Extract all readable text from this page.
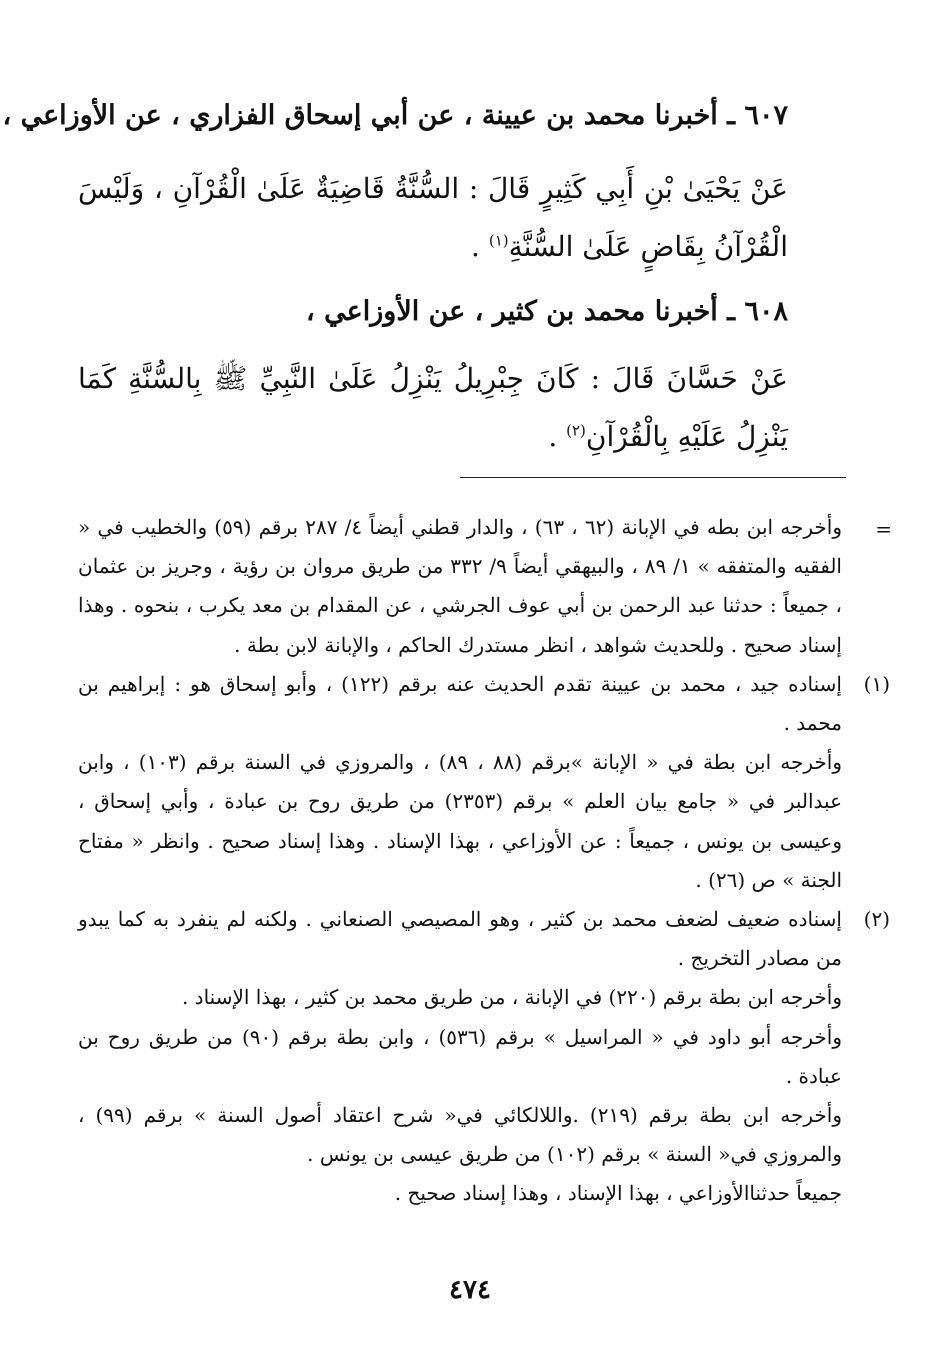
٦٠٧ ـ أخبرنا محمد بن عيينة ، عن أبي إسحاق الفزاري ، عن الأوزاعي ،
عَنْ يَحْيَىٰ بْنِ أَبِي كَثِيرٍ قَالَ : السُّنَّةُ قَاضِيَةٌ عَلَىٰ الْقُرْآنِ ، وَلَيْسَ الْقُرْآنُ بِقَاضٍ عَلَىٰ السُّنَّةِ$^{(١)}$ .
٦٠٨ ـ أخبرنا محمد بن كثير ، عن الأوزاعي ،
عَنْ حَسَّانَ قَالَ : كَانَ جِبْرِيلُ يَنْزِلُ عَلَىٰ النَّبِيِّ ﷺ بِالسُّنَّةِ كَمَا يَنْزِلُ عَلَيْهِ بِالْقُرْآنِ$^{(٢)}$ .
=
وأخرجه ابن بطه في الإبانة (٦٢ ، ٦٣) ، والدار قطني أيضاً ٤/ ٢٨٧ برقم (٥٩) والخطيب في « الفقيه والمتفقه » ١/ ٨٩ ، والبيهقي أيضاً ٩/ ٣٣٢ من طريق مروان بن رؤية ، وجريز بن عثمان ، جميعاً : حدثنا عبد الرحمن بن أبي عوف الجرشي ، عن المقدام بن معد يكرب ، بنحوه . وهذا إسناد صحيح . وللحديث شواهد ، انظر مستدرك الحاكم ، والإبانة لابن بطة .
(١)
إسناده جيد ، محمد بن عيينة تقدم الحديث عنه برقم (١٢٢) ، وأبو إسحاق هو : إبراهيم بن محمد .
وأخرجه ابن بطة في « الإبانة »برقم (٨٨ ، ٨٩) ، والمروزي في السنة برقم (١٠٣) ، وابن عبدالبر في « جامع بيان العلم » برقم (٢٣٥٣) من طريق روح بن عبادة ، وأبي إسحاق ، وعيسى بن يونس ، جميعاً : عن الأوزاعي ، بهذا الإسناد . وهذا إسناد صحيح . وانظر « مفتاح الجنة » ص (٢٦) .
(٢)
إسناده ضعيف لضعف محمد بن كثير ، وهو المصيصي الصنعاني . ولكنه لم ينفرد به كما يبدو من مصادر التخريج .
وأخرجه ابن بطة برقم (٢٢٠) في الإبانة ، من طريق محمد بن كثير ، بهذا الإسناد .
وأخرجه أبو داود في « المراسيل » برقم (٥٣٦) ، وابن بطة برقم (٩٠) من طريق روح بن عبادة .
وأخرجه ابن بطة برقم (٢١٩) .واللالكائي في« شرح اعتقاد أصول السنة » برقم (٩٩) ، والمروزي في« السنة » برقم (١٠٢) من طريق عيسى بن يونس .
جميعاً حدثناالأوزاعي ، بهذا الإسناد ، وهذا إسناد صحيح .
٤٧٤
